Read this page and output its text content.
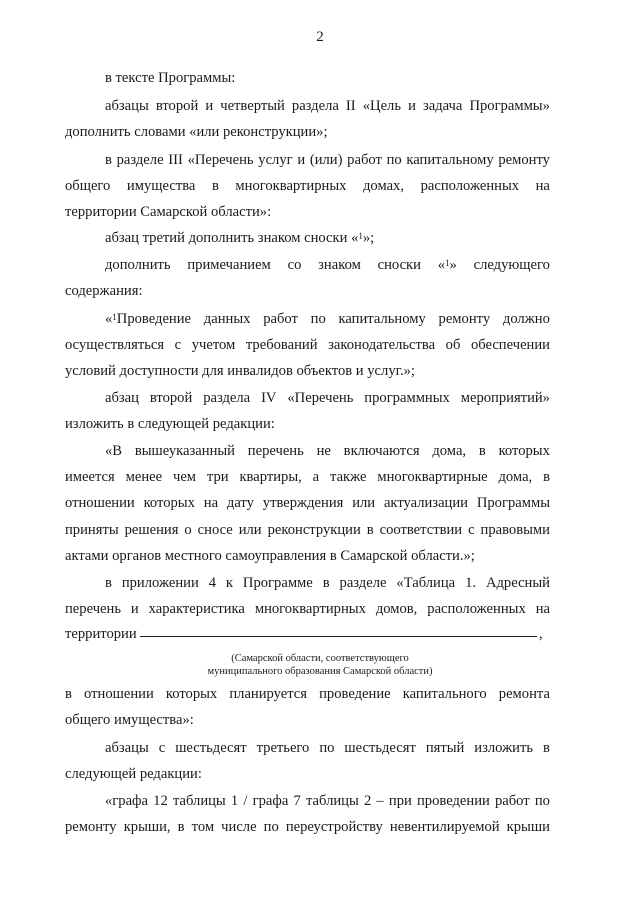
2
в тексте Программы:
абзацы второй и четвертый раздела II «Цель и задача Программы»
дополнить словами «или реконструкции»;
в разделе III «Перечень услуг и (или) работ по капитальному ремонту
общего имущества в многоквартирных домах, расположенных на
территории Самарской области»:
абзац третий дополнить знаком сноски «$^1$»;
дополнить примечанием со знаком сноски «$^1$» следующего
содержания:
«$^1$Проведение данных работ по капитальному ремонту должно
осуществляться с учетом требований законодательства об обеспечении
условий доступности для инвалидов объектов и услуг.»;
абзац второй раздела IV «Перечень программных мероприятий»
изложить в следующей редакции:
«В вышеуказанный перечень не включаются дома, в которых
имеется менее чем три квартиры, а также многоквартирные дома, в
отношении которых на дату утверждения или актуализации Программы
приняты решения о сносе или реконструкции в соответствии с правовыми
актами органов местного самоуправления в Самарской области.»;
в приложении 4 к Программе в разделе «Таблица 1. Адресный
перечень и характеристика многоквартирных домов, расположенных на
территории	,
(Самарской области, соответствующего
муниципального образования Самарской области)
в отношении которых планируется проведение капитального ремонта
общего имущества»:
абзацы с шестьдесят третьего по шестьдесят пятый изложить в
следующей редакции:
«графа 12 таблицы 1 / графа 7 таблицы 2 – при проведении работ по
ремонту крыши, в том числе по переустройству невентилируемой крыши
